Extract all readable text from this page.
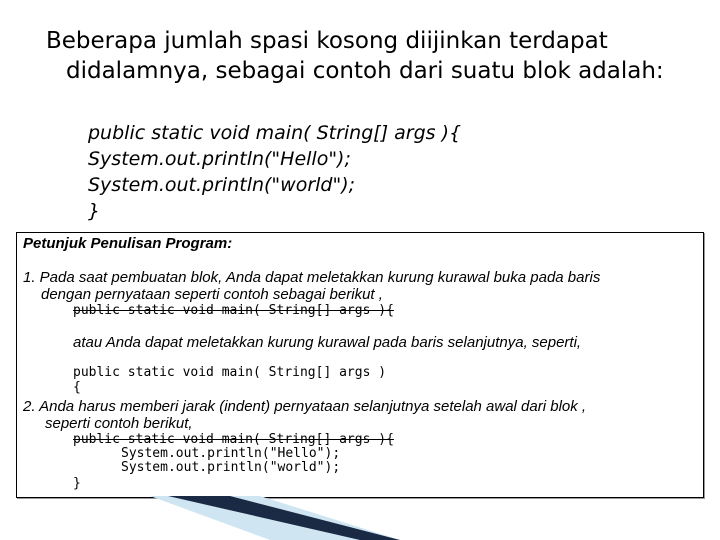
Beberapa jumlah spasi kosong diijinkan terdapat
didalamnya, sebagai contoh dari suatu blok adalah:
public static void main( String[] args ){
System.out.println("Hello");
System.out.println("world");
}
Petunjuk Penulisan Program:
1. Pada saat pembuatan blok, Anda dapat meletakkan kurung kurawal buka pada baris
dengan pernyataan seperti contoh sebagai berikut ,
public static void main( String[] args ){
atau Anda dapat meletakkan kurung kurawal pada baris selanjutnya, seperti,
public static void main( String[] args )
{
2. Anda harus memberi jarak (indent) pernyataan selanjutnya setelah awal dari blok ,
seperti contoh berikut,
public static void main( String[] args ){
System.out.println("Hello");
System.out.println("world");
}
